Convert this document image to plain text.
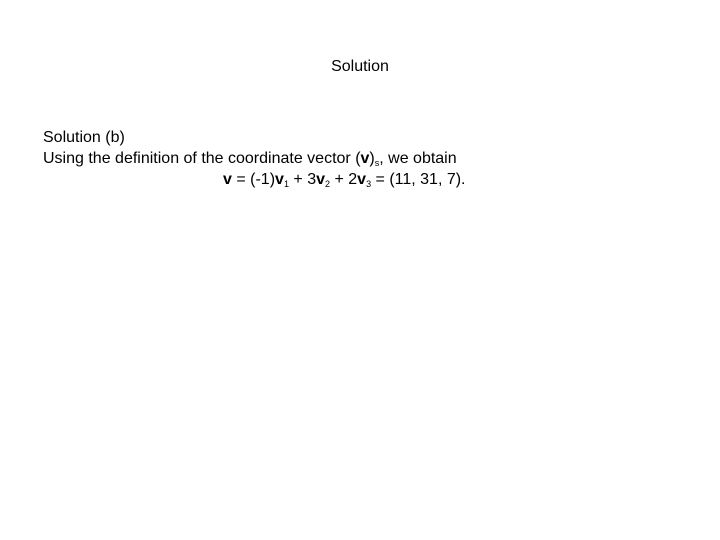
Solution
Solution (b)
Using the definition of the coordinate vector $(v)_s$, we obtain
$v = (-1)v_1 + 3v_2 + 2v_3 = (11$, 31, 7).
